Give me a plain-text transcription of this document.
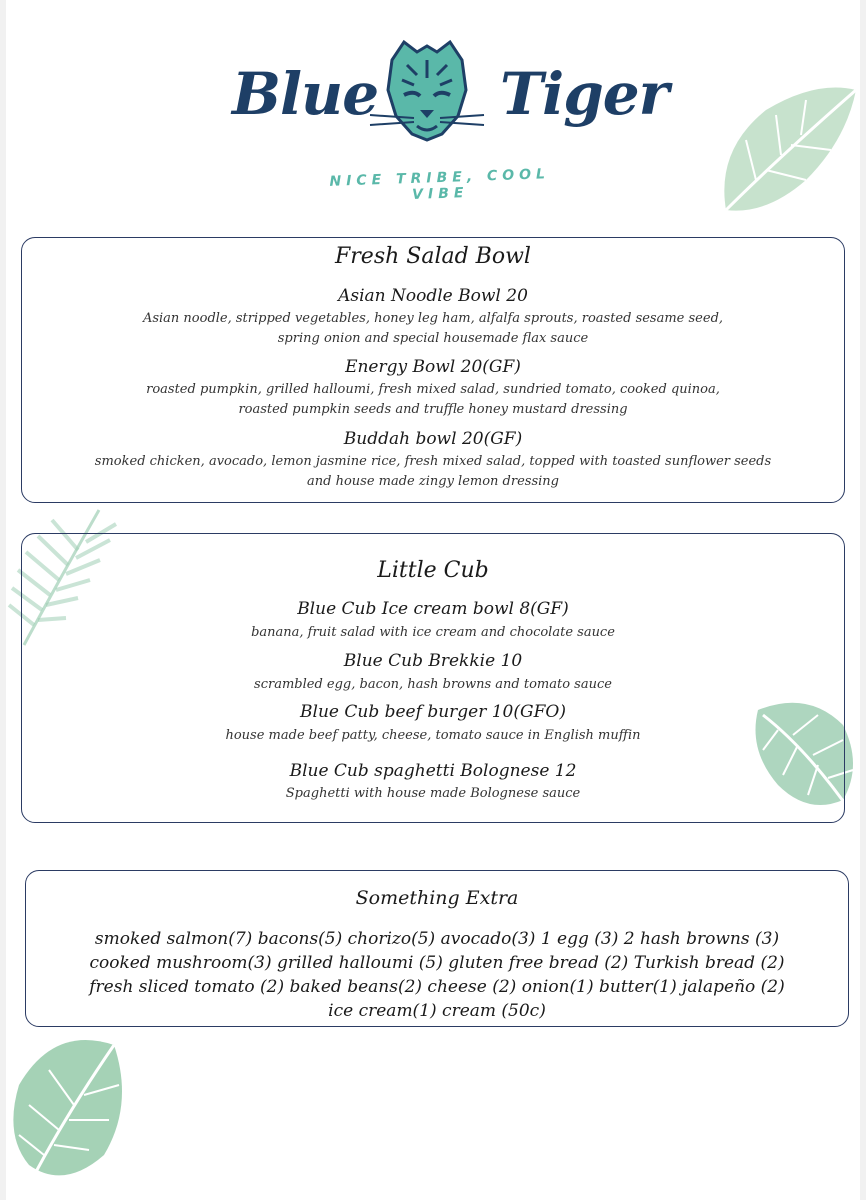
Blue Tiger
NICE TRIBE, COOL VIBE
Fresh Salad Bowl
Asian Noodle Bowl 20
Asian noodle, stripped vegetables, honey leg ham, alfalfa sprouts, roasted sesame seed,
spring onion and special housemade flax sauce
Energy Bowl 20(GF)
roasted pumpkin, grilled halloumi, fresh mixed salad, sundried tomato, cooked quinoa,
roasted pumpkin seeds and truffle honey mustard dressing
Buddah bowl 20(GF)
smoked chicken, avocado, lemon jasmine rice, fresh mixed salad, topped with toasted sunflower seeds
and house made zingy lemon dressing
Little Cub
Blue Cub Ice cream bowl 8(GF)
banana, fruit salad with ice cream and chocolate sauce
Blue Cub Brekkie 10
scrambled egg, bacon, hash browns and tomato sauce
Blue Cub beef burger 10(GFO)
house made beef patty, cheese, tomato sauce in English muffin
Blue Cub spaghetti Bolognese 12
Spaghetti with house made Bolognese sauce
Something Extra
smoked salmon(7) bacons(5) chorizo(5) avocado(3) 1 egg (3) 2 hash browns (3)
cooked mushroom(3) grilled halloumi (5) gluten free bread (2) Turkish bread (2)
fresh sliced tomato (2) baked beans(2) cheese (2) onion(1) butter(1) jalapeño (2)
ice cream(1) cream (50c)
